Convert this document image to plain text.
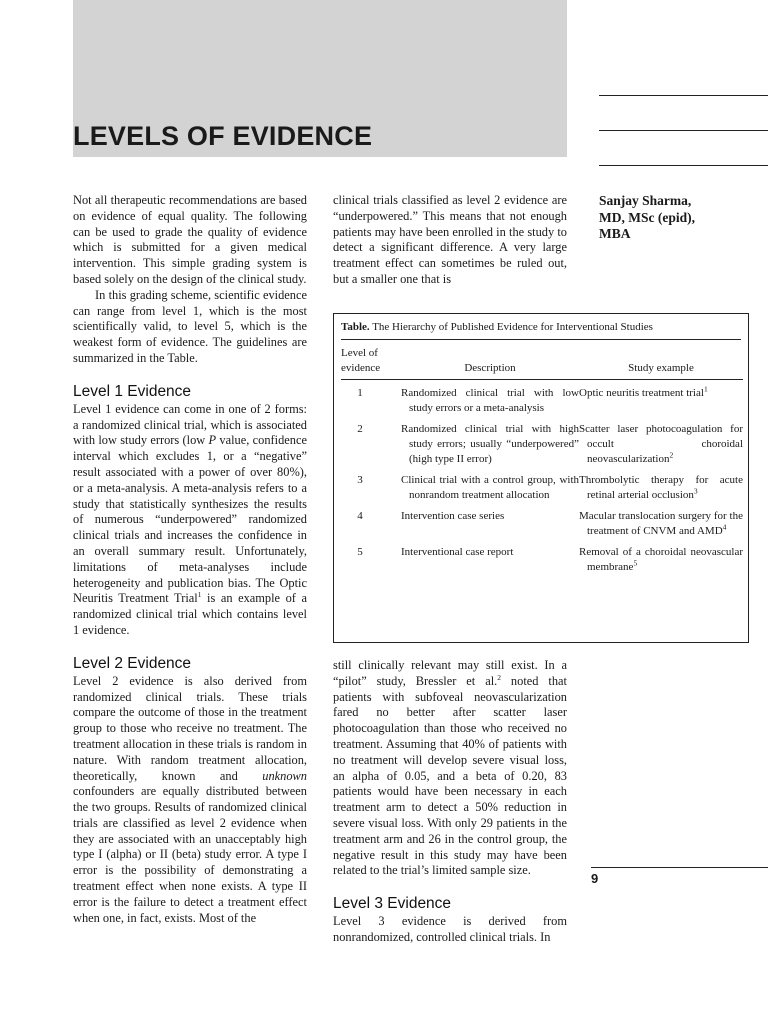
LEVELS OF EVIDENCE
Sanjay Sharma,
MD, MSc (epid),
MBA

Not all therapeutic recommendations are based on evidence of equal quality. The following can be used to grade the quality of evidence which is submitted for a given medical intervention. This simple grading system is based solely on the design of the clinical study.

In this grading scheme, scientific evidence can range from level 1, which is the most scientifically valid, to level 5, which is the weakest form of evidence. The guidelines are summarized in the Table.

Level 1 Evidence

Level 1 evidence can come in one of 2 forms: a randomized clinical trial, which is associated with low study errors (low P value, confidence interval which excludes 1, or a “negative” result associated with a power of over 80%), or a meta-analysis. A meta-analysis refers to a study that statistically synthesizes the results of numerous “underpowered” randomized clinical trials and increases the confidence in an overall summary result. Unfortunately, limitations of meta-analyses include heterogeneity and publication bias. The Optic Neuritis Treatment Trial$^1$ is an example of a randomized clinical trial which contains level 1 evidence.

Level 2 Evidence

Level 2 evidence is also derived from randomized clinical trials. These trials compare the outcome of those in the treatment group to those who receive no treatment. The treatment allocation in these trials is random in nature. With random treatment allocation, theoretically, known and unknown confounders are equally distributed between the two groups. Results of randomized clinical trials are classified as level 2 evidence when they are associated with an unacceptably high type I (alpha) or II (beta) study error. A type I error is the possibility of demonstrating a treatment effect when none exists. A type II error is the failure to detect a treatment effect when one, in fact, exists. Most of the

clinical trials classified as level 2 evidence are “underpowered.” This means that not enough patients may have been enrolled in the study to detect a significant difference. A very large treatment effect can sometimes be ruled out, but a smaller one that is

Table. The Hierarchy of Published Evidence for Interventional Studies

Level of evidence	Description	Study example
1	Randomized clinical trial with low study errors or a meta-analysis	Optic neuritis treatment trial$^1$

2	Randomized clinical trial with high study errors; usually “underpowered” (high type II error)	Scatter laser photocoagulation for occult choroidal neovascularization$^2$

3	Clinical trial with a control group, with nonrandom treatment allocation	Thrombolytic therapy for acute retinal arterial occlusion$^3$

4	Intervention case series	Macular translocation surgery for the treatment of CNVM and AMD$^4$

5	Interventional case report	Removal of a choroidal neovascular membrane$^5$

still clinically relevant may still exist. In a “pilot” study, Bressler et al.$^2$ noted that patients with subfoveal neovascularization fared no better after scatter laser photocoagulation than those who received no treatment. Assuming that 40% of patients with no treatment will develop severe visual loss, an alpha of 0.05, and a beta of 0.20, 83 patients would have been necessary in each treatment arm to detect a 50% reduction in severe visual loss. With only 29 patients in the treatment arm and 26 in the control group, the negative result in this study may have been related to the trial’s limited sample size.

Level 3 Evidence

Level 3 evidence is derived from nonrandomized, controlled clinical trials. In

9
